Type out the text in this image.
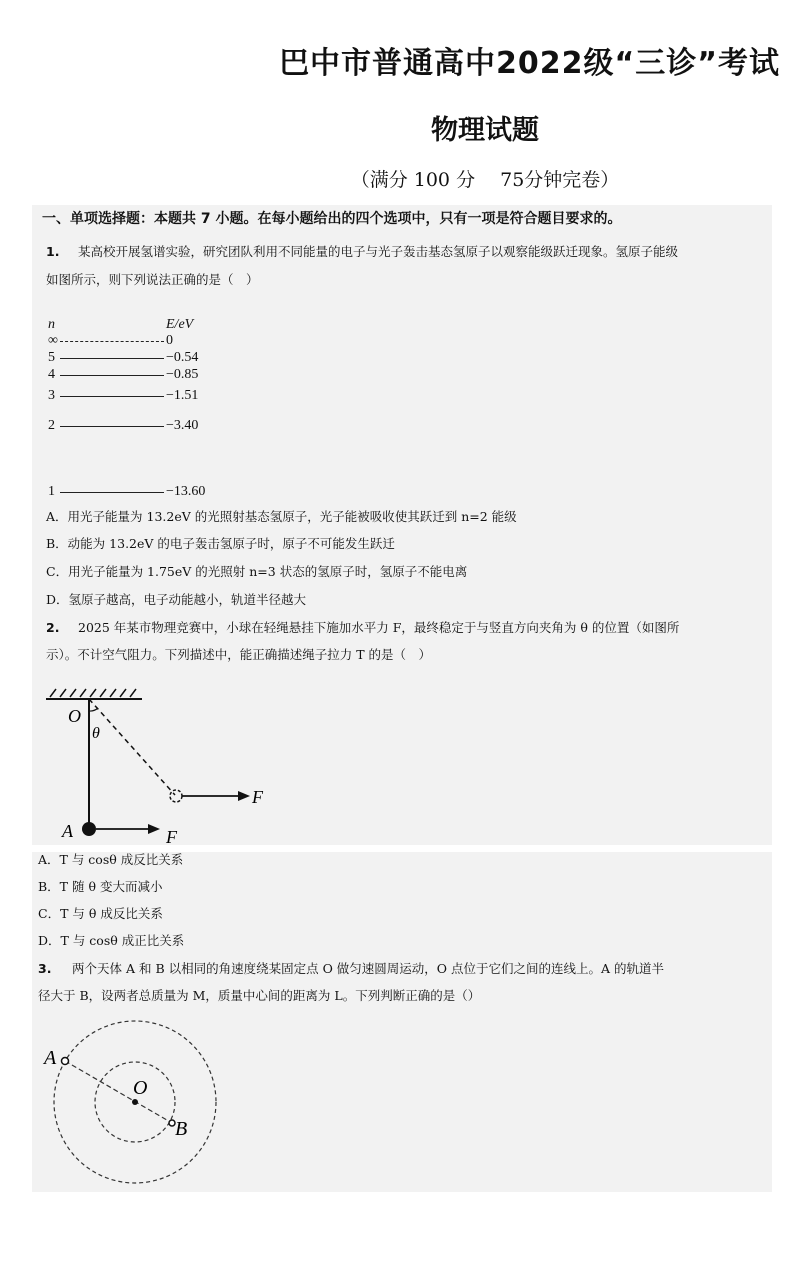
巴中市普通高中2022级“三诊”考试
物理试题
（满分 100 分　 75分钟完卷）
一、单项选择题：本题共 7 小题。在每小题给出的四个选项中，只有一项是符合题目要求的。
1. 某高校开展氢谱实验，研究团队利用不同能量的电子与光子轰击基态氢原子以观察能级跃迁现象。氢原子能级
如图所示，则下列说法正确的是（　）
n	E/eV
∞	0
5	−0.54
4	−0.85
3	−1.51
2	−3.40
1	−13.60
A．用光子能量为 13.2eV 的光照射基态氢原子，光子能被吸收使其跃迁到 n=2 能级
B．动能为 13.2eV 的电子轰击氢原子时，原子不可能发生跃迁
C．用光子能量为 1.75eV 的光照射 n=3 状态的氢原子时，氢原子不能电离
D．氢原子越高，电子动能越小，轨道半径越大
2. 2025 年某市物理竞赛中，小球在轻绳悬挂下施加水平力 F，最终稳定于与竖直方向夹角为 θ 的位置（如图所
示）。不计空气阻力。下列描述中，能正确描述绳子拉力 T 的是（　）
O
θ
A
F
F
A．T 与 cosθ 成反比关系
B．T 随 θ 变大而减小
C．T 与 θ 成反比关系
D．T 与 cosθ 成正比关系
3. 两个天体 A 和 B 以相同的角速度绕某固定点 O 做匀速圆周运动，O 点位于它们之间的连线上。A 的轨道半
径大于 B，设两者总质量为 M，质量中心间的距离为 L。下列判断正确的是（）
A
O
B
